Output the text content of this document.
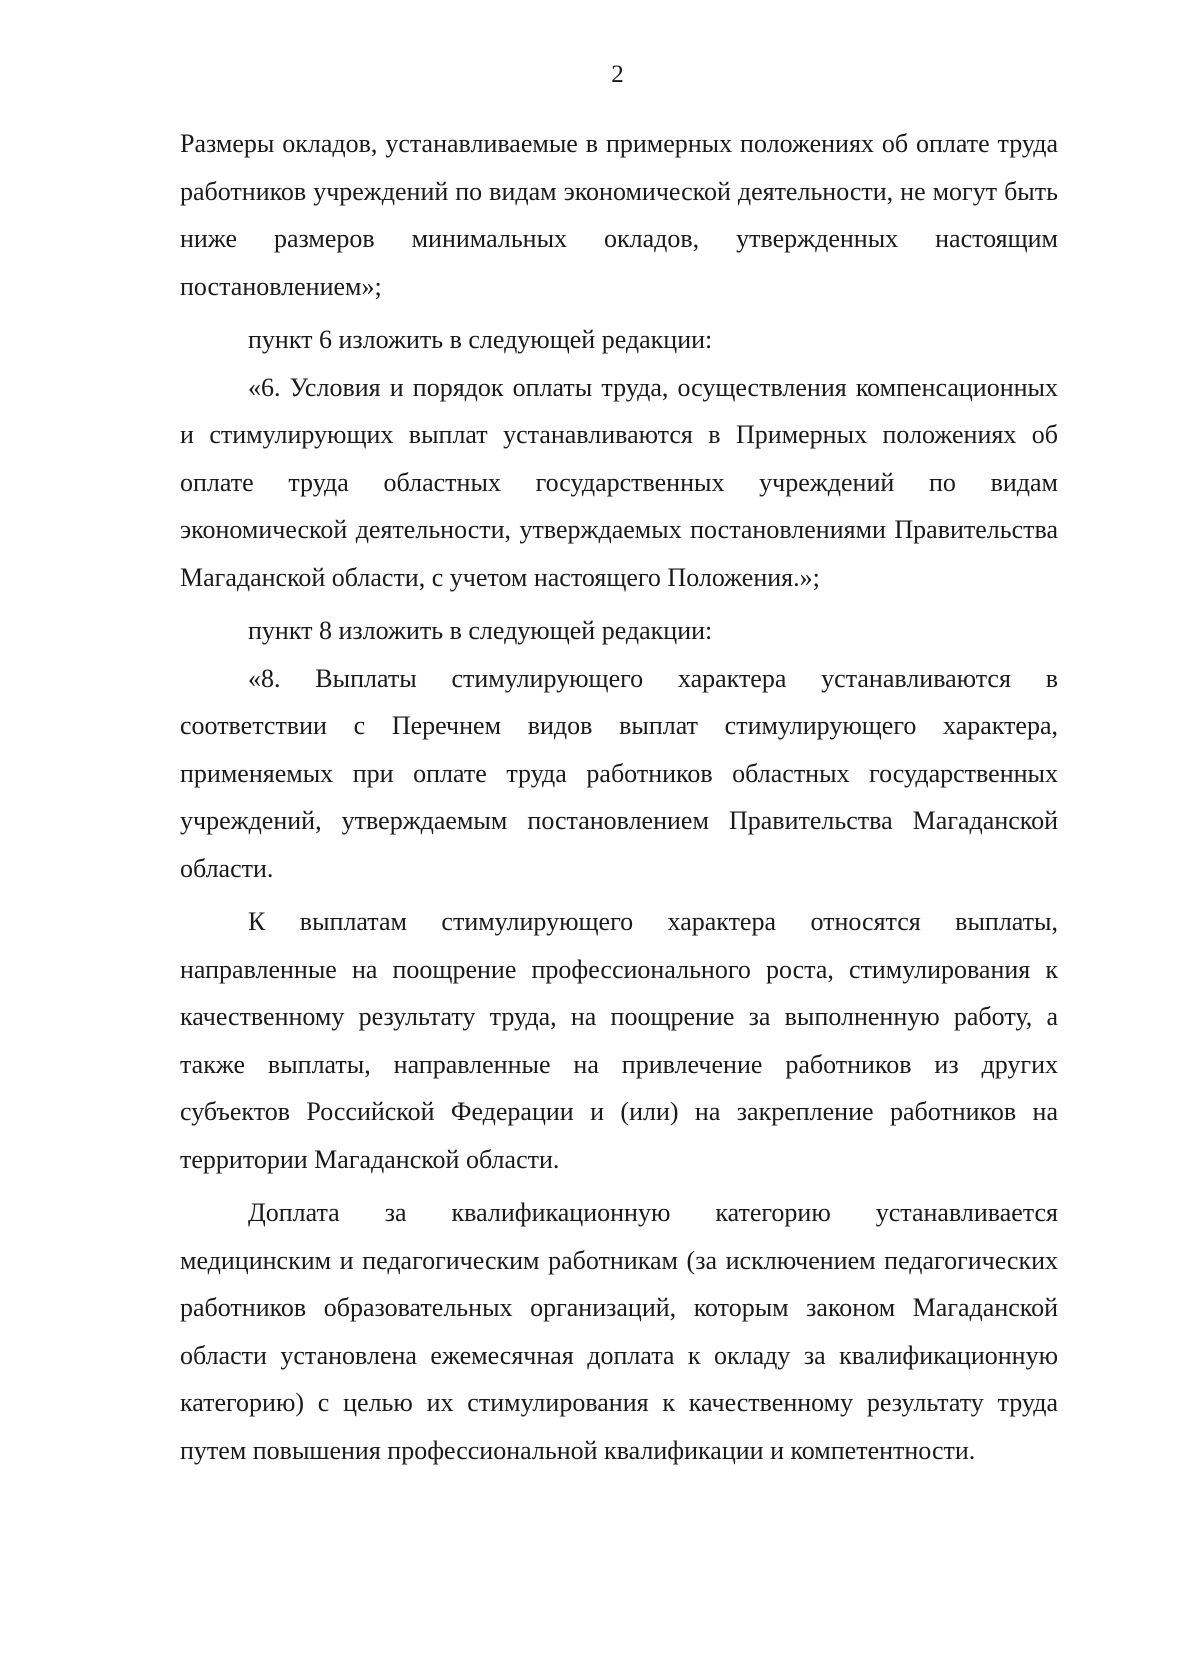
2

Размеры окладов, устанавливаемые в примерных положениях об оплате труда работников учреждений по видам экономической деятельности, не могут быть ниже размеров минимальных окладов, утвержденных настоящим постановлением»;

пункт 6 изложить в следующей редакции:

«6. Условия и порядок оплаты труда, осуществления компенсационных и стимулирующих выплат устанавливаются в Примерных положениях об оплате труда областных государственных учреждений по видам экономической деятельности, утверждаемых постановлениями Правительства Магаданской области, с учетом настоящего Положения.»;

пункт 8 изложить в следующей редакции:

«8. Выплаты стимулирующего характера устанавливаются в соответствии с Перечнем видов выплат стимулирующего характера, применяемых при оплате труда работников областных государственных учреждений, утверждаемым постановлением Правительства Магаданской области.

К выплатам стимулирующего характера относятся выплаты, направленные на поощрение профессионального роста, стимулирования к качественному результату труда, на поощрение за выполненную работу, а также выплаты, направленные на привлечение работников из других субъектов Российской Федерации и (или) на закрепление работников на территории Магаданской области.

Доплата за квалификационную категорию устанавливается медицинским и педагогическим работникам (за исключением педагогических работников образовательных организаций, которым законом Магаданской области установлена ежемесячная доплата к окладу за квалификационную категорию) с целью их стимулирования к качественному результату труда путем повышения профессиональной квалификации и компетентности.
